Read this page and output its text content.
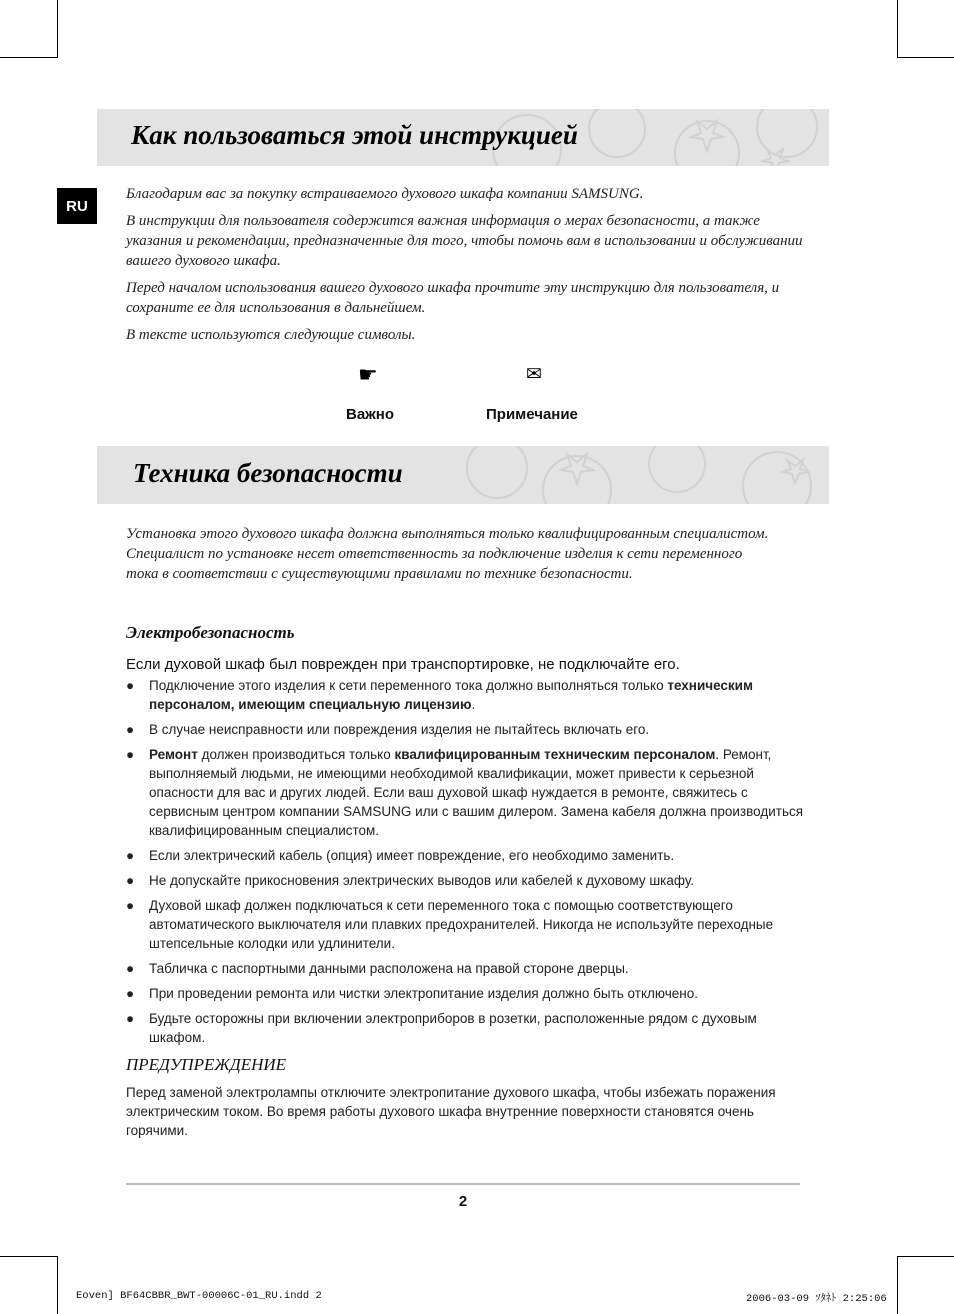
Как пользоваться этой инструкцией
RU

Благодарим вас за покупку встраиваемого духового шкафа компании SAMSUNG.

В инструкции для пользователя содержится важная информация о мерах безопасности, а также указания и рекомендации, предназначенные для того, чтобы помочь вам в использовании и обслуживании вашего духового шкафа.

Перед началом использования вашего духового шкафа прочтите эту инструкцию для пользователя, и сохраните ее для использования в дальнейшем.

В тексте используются следующие символы.

☛
Важно
✉
Примечание
Техника безопасности
Установка этого духового шкафа должна выполняться только квалифицированным специалистом. Специалист по установке несет ответственность за подключение изделия к сети переменного тока в соответствии с существующими правилами по технике безопасности.
Электробезопасность
Если духовой шкаф был поврежден при транспортировке, не подключайте его.
● Подключение этого изделия к сети переменного тока должно выполняться только техническим персоналом, имеющим специальную лицензию.
● В случае неисправности или повреждения изделия не пытайтесь включать его.
● Ремонт должен производиться только квалифицированным техническим персоналом. Ремонт, выполняемый людьми, не имеющими необходимой квалификации, может привести к серьезной опасности для вас и других людей. Если ваш духовой шкаф нуждается в ремонте, свяжитесь с сервисным центром компании SAMSUNG или с вашим дилером. Замена кабеля должна производиться квалифицированным специалистом.
● Если электрический кабель (опция) имеет повреждение, его необходимо заменить.
● Не допускайте прикосновения электрических выводов или кабелей к духовому шкафу.
● Духовой шкаф должен подключаться к сети переменного тока с помощью соответствующего автоматического выключателя или плавких предохранителей. Никогда не используйте переходные штепсельные колодки или удлинители.
● Табличка с паспортными данными расположена на правой стороне дверцы.
● При проведении ремонта или чистки электропитание изделия должно быть отключено.
● Будьте осторожны при включении электроприборов в розетки, расположенные рядом с духовым шкафом.
ПРЕДУПРЕЖДЕНИЕ
Перед заменой электролампы отключите электропитание духового шкафа, чтобы избежать поражения электрическим током. Во время работы духового шкафа внутренние поверхности становятся очень горячими.
2
Eoven] BF64CBBR_BWT-00006C-01_RU.indd 2	2006-03-09 ｿﾀﾈﾄ 2:25:06
